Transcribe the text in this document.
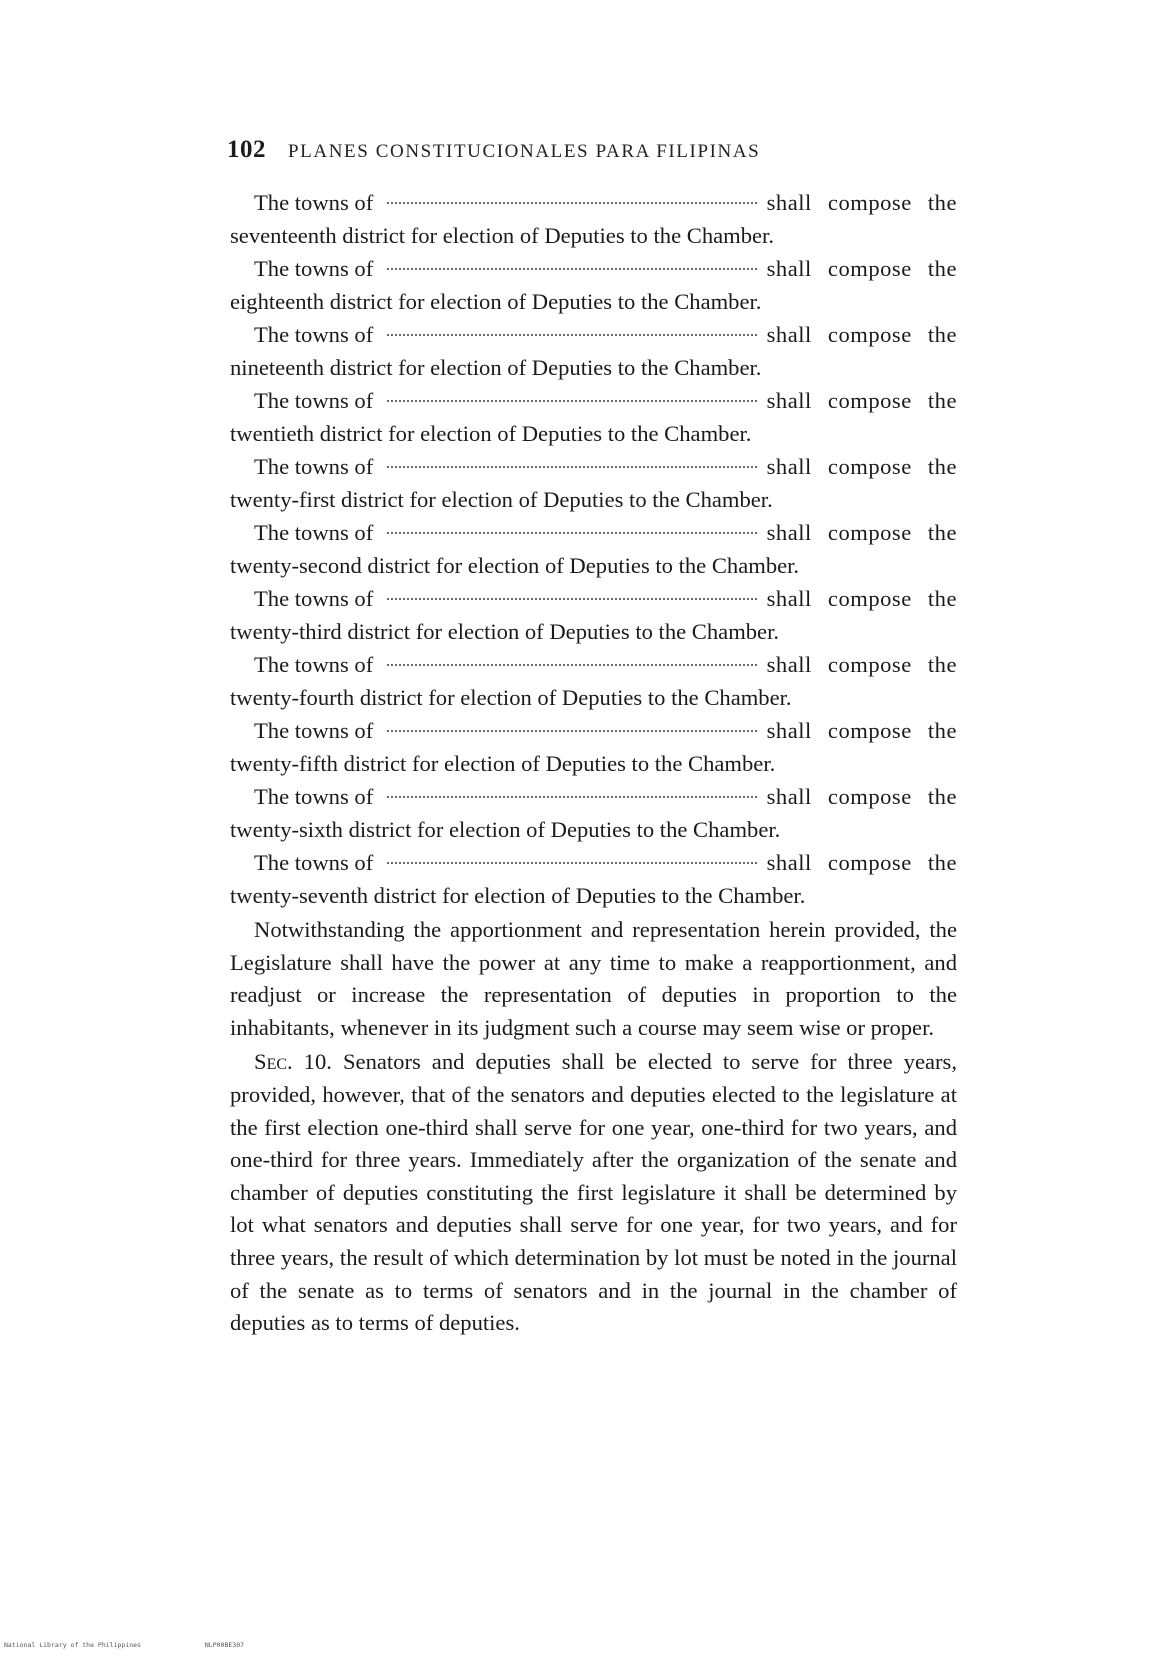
102 PLANES CONSTITUCIONALES PARA FILIPINAS
The towns of	shall compose the
seventeenth district for election of Deputies to the Chamber.
The towns of	shall compose the
eighteenth district for election of Deputies to the Chamber.
The towns of	shall compose the
nineteenth district for election of Deputies to the Chamber.
The towns of	shall compose the
twentieth district for election of Deputies to the Chamber.
The towns of	shall compose the
twenty-first district for election of Deputies to the Chamber.
The towns of	shall compose the
twenty-second district for election of Deputies to the Chamber.
The towns of	shall compose the
twenty-third district for election of Deputies to the Chamber.
The towns of	shall compose the
twenty-fourth district for election of Deputies to the Chamber.
The towns of	shall compose the
twenty-fifth district for election of Deputies to the Chamber.
The towns of	shall compose the
twenty-sixth district for election of Deputies to the Chamber.
The towns of	shall compose the
twenty-seventh district for election of Deputies to the Chamber.

Notwithstanding the apportionment and representation herein provided, the Legislature shall have the power at any time to make a reapportionment, and readjust or increase the representation of deputies in proportion to the inhabitants, whenever in its judgment such a course may seem wise or proper.

Sec. 10. Senators and deputies shall be elected to serve for three years, provided, however, that of the senators and deputies elected to the legislature at the first election one-third shall serve for one year, one-third for two years, and one-third for three years. Immediately after the organization of the senate and chamber of deputies constituting the first legislature it shall be determined by lot what senators and deputies shall serve for one year, for two years, and for three years, the result of which determination by lot must be noted in the journal of the senate as to terms of senators and in the journal in the chamber of deputies as to terms of deputies.

National Library of the Philippines	NLP00BE307
